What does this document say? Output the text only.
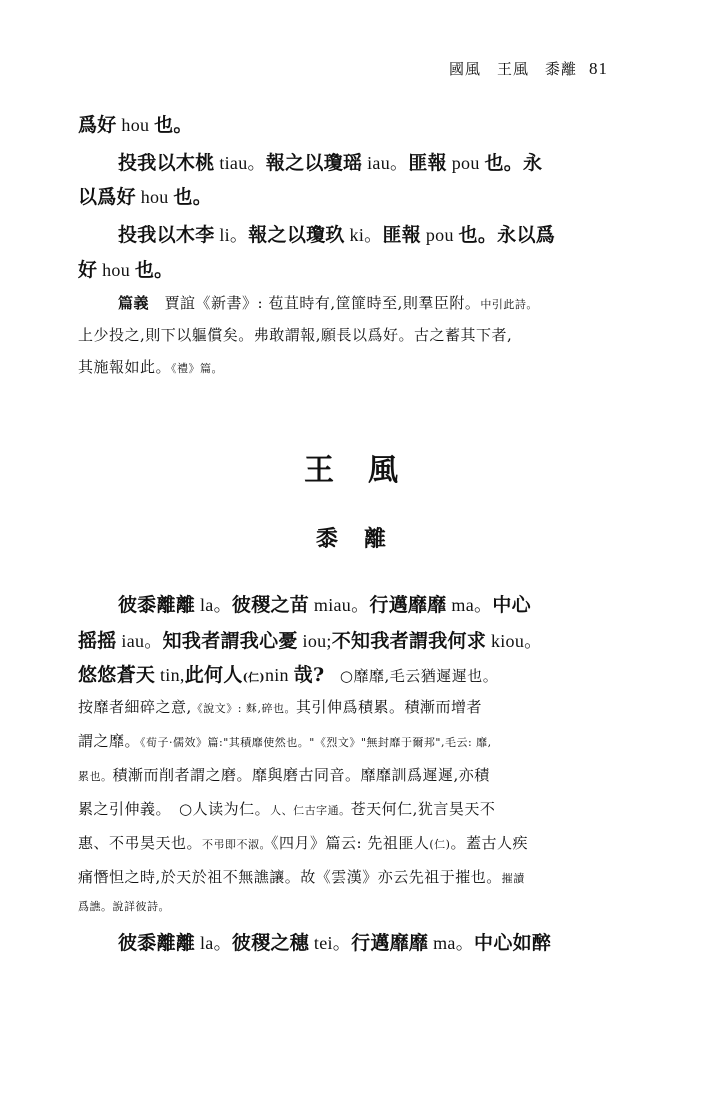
國風　王風　黍離 81
爲好 hou 也。
投我以木桃 tiau。報之以瓊瑶 iau。匪報 pou 也。永
以爲好 hou 也。
投我以木李 li。報之以瓊玖 ki。匪報 pou 也。永以爲
好 hou 也。
篇義　賈誼《新書》: 苞苴時有,筐篚時至,則羣臣附。中引此詩。
上少投之,則下以軀償矣。弗敢謂報,願長以爲好。古之蓄其下者,
其施報如此。《禮》篇。
王風
黍離
彼黍離離 la。彼稷之苗 miau。行邁靡靡 ma。中心
摇摇 iau。知我者謂我心憂 iou;不知我者謂我何求 kiou。
悠悠蒼天 tin,此何人(仁)nin 哉?　○靡靡,毛云猶遲遲也。
按靡者細碎之意,《說文》: 𪌗,碎也。其引伸爲積累。積漸而增者
謂之靡。《荀子·儒效》篇:"其積靡使然也。"《烈文》"無封靡于爾邦",毛云: 靡,
累也。積漸而削者謂之磨。靡與磨古同音。靡靡訓爲遲遲,亦積
累之引伸義。　○人读为仁。人、仁古字通。苍天何仁,犹言昊天不
惠、不弔昊天也。不弔即不淑。《四月》篇云: 先祖匪人(仁)。蓋古人疾
痛憯怛之時,於天於祖不無譙讓。故《雲漢》亦云先祖于摧也。摧讀
爲譙。說詳彼詩。
彼黍離離 la。彼稷之穗 tei。行邁靡靡 ma。中心如醉
